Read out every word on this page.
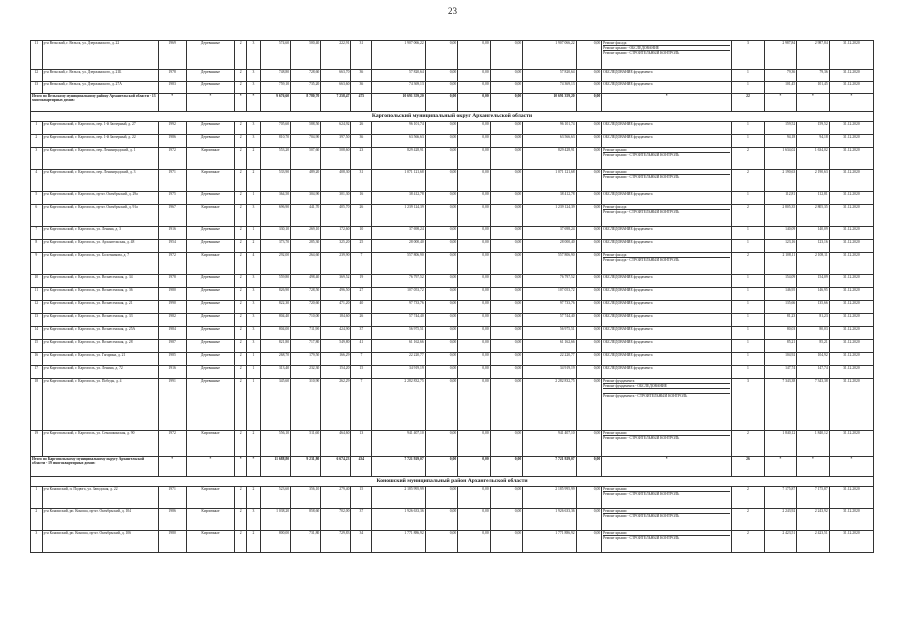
23
11	р-н Вельский, г. Вельск, ул. Дзержинского, д. 22	1969	Деревянные	2	3	574,60	500,40	222,91	31	1 907 066,22	0,00	0,00	0,00	1 907 066,22	0,00	Ремонт фасада
Ремонт крыши - ОБСЛЕДОВАНИЕ
Ремонт крыши - СТРОИТЕЛЬНЫЙ КОНТРОЛЬ	3	2 987,84	2 987,84	31.12.2020
12	р-н Вельский, г. Вельск, ул. Дзержинского, д. 21Б	1978	Деревянные	2	3	748,80	728,60	663,70	36	57 820,64	0,00	0,00	0,00	57 820,64	0,00	ОБСЛЕДОВАНИЕ фундамента	1	79,36	79,36	31.12.2020
13	р-н Вельский, г. Вельск, ул. Дзержинского, д. 27А	1983	Деревянные	2	3	759,10	735,20	663,60	36	74 369,13	0,00	0,00	0,00	74 369,13	0,00	ОБСЛЕДОВАНИЕ фундамента	1	101,45	101,45	31.12.2020
Итого по Вельскому муниципальному району Архангельской области - 13 многоквартирных домов:		*	*	*	*	9 676,60	8 780,70	7 258,47	475	10 691 359,20	0,00	0,00	0,00	10 691 359,20	0,00	*	22	*	*	*
Каргопольский муниципальный округ Архангельской области																				
1	р-н Каргопольский, г. Каргополь, пер. 1-й Заозерный, д. 27	1992	Деревянные	2	3	705,60	588,50	624,92	26	96 101,74	0,00	0,00	0,00	96 101,74	0,00	ОБСЛЕДОВАНИЕ фундамента	1	159,52	159,52	31.12.2020
2	р-н Каргопольский, г. Каргополь, пер. 1-й Заозерный, д. 22	1986	Деревянные	2	3	810,70	704,90	397,50	36	63 566,63	0,00	0,00	0,00	63 566,63	0,00	ОБСЛЕДОВАНИЕ фундамента	1	94,18	94,18	31.12.2020
3	р-н Каргопольский, г. Каргополь, пер. Ленинградский, д. 1	1972	Кирпичные	2	2	553,20	507,60	508,60	23	829 428,91	0,00	0,00	0,00	829 428,91	0,00	Ремонт крыши
Ремонт крыши - СТРОИТЕЛЬНЫЙ КОНТРОЛЬ	2	1 634,02	1 634,02	31.12.2020
4	р-н Каргопольский, г. Каргополь, пер. Ленинградский, д. 3	1971	Кирпичные	2	2	533,90	489,20	408,30	31	1 071 121,68	0,00	0,00	0,00	1 071 121,68	0,00	Ремонт крыши
Ремонт крыши - СТРОИТЕЛЬНЫЙ КОНТРОЛЬ	2	2 190,63	2 190,63	31.12.2020
5	р-н Каргопольский, г. Каргополь, пр-кт. Октябрьский, д. 29а	1975	Деревянные	2	1	364,50	304,90	301,30	16	38 412,78	0,00	0,00	0,00	38 412,78	0,00	ОБСЛЕДОВАНИЕ фундамента	1	112,81	112,81	31.12.2020
6	р-н Каргопольский, г. Каргополь, пр-кт. Октябрьский, д. 91а	1967	Кирпичные	2	3	696,90	441,70	405,70	26	1 239 124,39	0,00	0,00	0,00	1 239 124,39	0,00	Ремонт фасада
Ремонт фасада - СТРОИТЕЛЬНЫЙ КОНТРОЛЬ	2	2 805,35	2 805,35	31.12.2020
7	р-н Каргопольский, г. Каргополь, ул. Ленина, д. 3	1916	Деревянные	2	1	330,10	269,10	172,60	10	37 698,24	0,00	0,00	0,00	37 698,24	0,00	ОБСЛЕДОВАНИЕ фундамента	1	140,09	140,09	31.12.2020
8	р-н Каргопольский, г. Каргополь, ул. Архангельская, д. 48	1954	Деревянные	2	2	373,70	285,30	325,20	25	28 000,40	0,00	0,00	0,00	28 000,40	0,00	ОБСЛЕДОВАНИЕ фундамента	1	123,16	123,16	31.12.2020
9	р-н Каргопольский, г. Каргополь, ул. Болотникова, д. 7	1972	Кирпичные	2	4	292,00	264,60	239,90	7	557 806,90	0,00	0,00	0,00	557 806,90	0,00	Ремонт фасада
Ремонт фасада - СТРОИТЕЛЬНЫЙ КОНТРОЛЬ	2	2 108,11	2 108,11	31.12.2020
10	р-н Каргопольский, г. Каргополь, ул. Вознесенская, д. 34	1978	Деревянные	2	3	559,80	498,40	369,52	19	76 797,52	0,00	0,00	0,00	76 797,52	0,00	ОБСЛЕДОВАНИЕ фундамента	1	154,09	154,09	31.12.2020
11	р-н Каргопольский, г. Каргополь, ул. Вознесенская, д. 36	1980	Деревянные	2	3	826,90	728,50	496,50	27	107 053,72	0,00	0,00	0,00	107 053,72	0,00	ОБСЛЕДОВАНИЕ фундамента	1	146,95	146,95	31.12.2020
12	р-н Каргопольский, г. Каргополь, ул. Вознесенская, д. 21	1990	Деревянные	2	3	822,30	720,60	471,20	40	97 733,76	0,00	0,00	0,00	97 733,76	0,00	ОБСЛЕДОВАНИЕ фундамента	1	135,66	135,66	31.12.2020
13	р-н Каргопольский, г. Каргополь, ул. Вознесенская, д. 33	1982	Деревянные	2	3	804,40	710,00	184,60	26	57 744,40	0,00	0,00	0,00	57 744,40	0,00	ОБСЛЕДОВАНИЕ фундамента	1	81,23	81,23	31.12.2020
14	р-н Каргопольский, г. Каргополь, ул. Вознесенская, д. 25А	1984	Деревянные	2	3	804,00	711,90	424,90	37	56 975,51	0,00	0,00	0,00	56 975,51	0,00	ОБСЛЕДОВАНИЕ фундамента	1	80,03	80,03	31.12.2020
15	р-н Каргопольский, г. Каргополь, ул. Вознесенская, д. 28	1987	Деревянные	2	3	821,80	717,80	549,80	41	61 162,66	0,00	0,00	0,00	61 162,66	0,00	ОБСЛЕДОВАНИЕ фундамента	1	85,21	85,21	31.12.2020
16	р-н Каргопольский, г. Каргополь, ул. Гагарина, д. 21	1985	Деревянные	2	1	268,70	179,50	166,29	7	22 220,77	0,00	0,00	0,00	22 220,77	0,00	ОБСЛЕДОВАНИЕ фундамента	1	104,92	104,92	31.12.2020
17	р-н Каргопольский, г. Каргополь, ул. Ленина, д. 72	1916	Деревянные	2	1	313,40	232,30	154,20	15	34 919,19	0,00	0,00	0,00	34 919,19	0,00	ОБСЛЕДОВАНИЕ фундамента	1	147,74	147,74	31.12.2020
18	р-н Каргопольский, г. Каргополь, ул. Победы, д. 4	1991	Деревянные	2	1	345,60	310,90	262,29	7	2 282 832,75	0,00	0,00	0,00	2 282 832,75	0,00	Ремонт фундамента
Ремонт фундамента - ОБСЛЕДОВАНИЕ
Ремонт фундамента - СТРОИТЕЛЬНЫЙ КОНТРОЛЬ	3	7 343,38	7 343,38	31.12.2020
19	р-н Каргопольский, г. Каргополь, ул. Семашкинская, д. 90	1972	Кирпичные	2	2	556,10	511,60	464,60	13	941 407,10	0,00	0,00	0,00	941 407,10	0,00	Ремонт крыши
Ремонт крыши - СТРОИТЕЛЬНЫЙ КОНТРОЛЬ	2	1 840,12	1 840,12	31.12.2020
Итого по Каргопольскому муниципальному округу Архангельской области - 19 многоквартирных домов:		*	*	*	*	11 688,80	9 231,80	6 674,23	434	7 721 929,07	0,00	0,00	0,00	7 721 929,07	0,00	*	26	*	*	*
Коношский муниципальный район Архангельской области																				
1	р-н Коношский, п. Подюга, ул. Заводская, д. 22	1971	Кирпичные	2	2	523,60	356,10	279,40	15	2 185 995,99	0,00	0,00	0,00	2 185 995,99	0,00	Ремонт крыши
Ремонт крыши - СТРОИТЕЛЬНЫЙ КОНТРОЛЬ	2	7 175,87	7 175,87	31.12.2020
2	р-н Коношский, рп. Коноша, пр-кт. Октябрьский, д. 104	1986	Кирпичные	2	3	1 038,20	858,60	702,00	37	1 926 633,36	0,00	0,00	0,00	1 926 633,36	0,00	Ремонт крыши
Ремонт крыши - СТРОИТЕЛЬНЫЙ КОНТРОЛЬ	2	2 243,92	2 243,92	31.12.2020
3	р-н Коношский, рп. Коноша, пр-кт. Октябрьский, д. 106	1980	Кирпичные	2	2	800,00	731,80	729,83	34	1 771 886,92	0,00	0,00	0,00	1 771 886,92	0,00	Ремонт крыши
Ремонт крыши - СТРОИТЕЛЬНЫЙ КОНТРОЛЬ	2	2 423,51	2 423,51	31.12.2020
